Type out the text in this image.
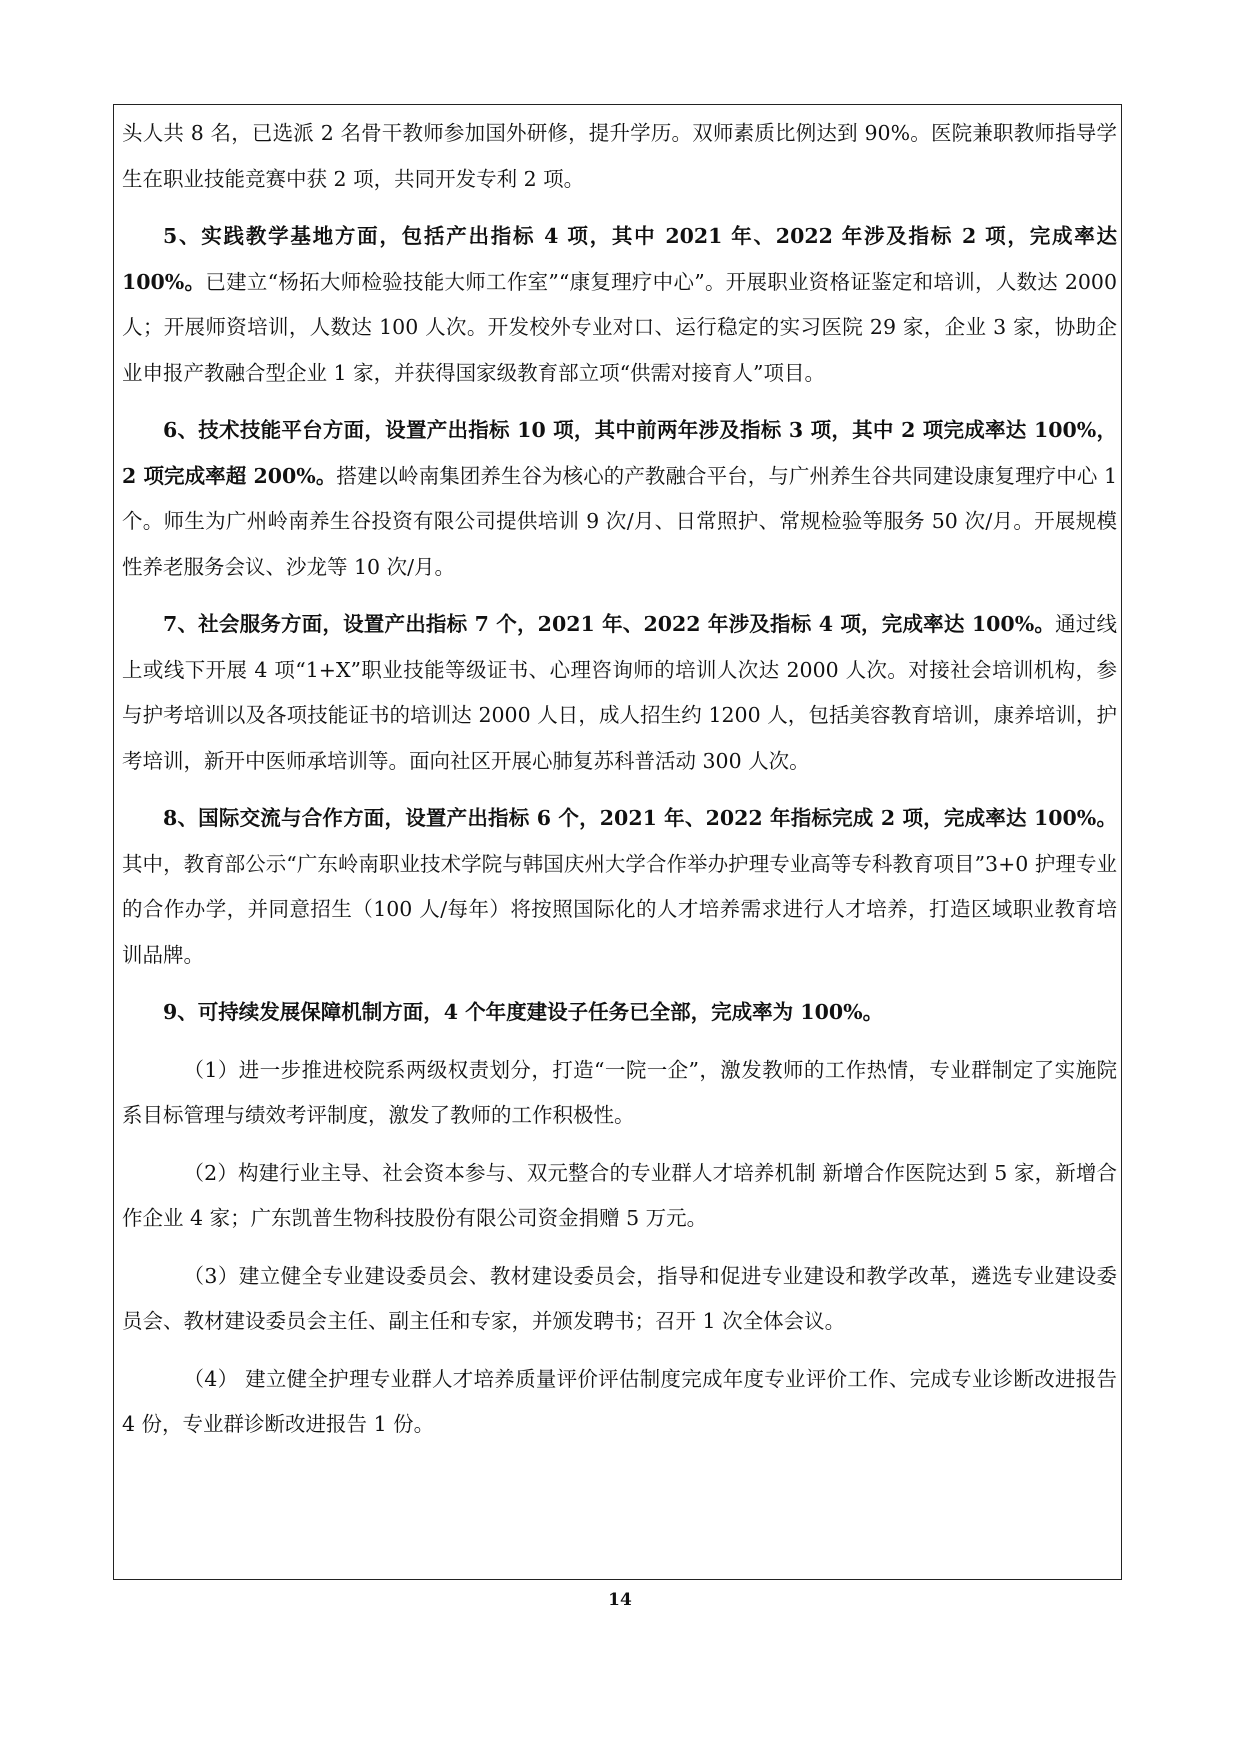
头人共 8 名，已选派 2 名骨干教师参加国外研修，提升学历。双师素质比例达到 90%。医院兼职教师指导学生在职业技能竞赛中获 2 项，共同开发专利 2 项。

5、实践教学基地方面，包括产出指标 4 项，其中 2021 年、2022 年涉及指标 2 项，完成率达 100%。已建立“杨拓大师检验技能大师工作室”“康复理疗中心”。开展职业资格证鉴定和培训，人数达 2000 人；开展师资培训，人数达 100 人次。开发校外专业对口、运行稳定的实习医院 29 家，企业 3 家，协助企业申报产教融合型企业 1 家，并获得国家级教育部立项“供需对接育人”项目。

6、技术技能平台方面，设置产出指标 10 项，其中前两年涉及指标 3 项，其中 2 项完成率达 100%，2 项完成率超 200%。搭建以岭南集团养生谷为核心的产教融合平台，与广州养生谷共同建设康复理疗中心 1 个。师生为广州岭南养生谷投资有限公司提供培训 9 次/月、日常照护、常规检验等服务 50 次/月。开展规模性养老服务会议、沙龙等 10 次/月。

7、社会服务方面，设置产出指标 7 个，2021 年、2022 年涉及指标 4 项，完成率达 100%。通过线上或线下开展 4 项“1+X”职业技能等级证书、心理咨询师的培训人次达 2000 人次。对接社会培训机构，参与护考培训以及各项技能证书的培训达 2000 人日，成人招生约 1200 人，包括美容教育培训，康养培训，护考培训，新开中医师承培训等。面向社区开展心肺复苏科普活动 300 人次。

8、国际交流与合作方面，设置产出指标 6 个，2021 年、2022 年指标完成 2 项，完成率达 100%。其中，教育部公示“广东岭南职业技术学院与韩国庆州大学合作举办护理专业高等专科教育项目”3+0 护理专业的合作办学，并同意招生（100 人/每年）将按照国际化的人才培养需求进行人才培养，打造区域职业教育培训品牌。

9、可持续发展保障机制方面，4 个年度建设子任务已全部，完成率为 100%。

（1）进一步推进校院系两级权责划分，打造“一院一企”，激发教师的工作热情，专业群制定了实施院系目标管理与绩效考评制度，激发了教师的工作积极性。

（2）构建行业主导、社会资本参与、双元整合的专业群人才培养机制 新增合作医院达到 5 家，新增合作企业 4 家；广东凯普生物科技股份有限公司资金捐赠 5 万元。

（3）建立健全专业建设委员会、教材建设委员会，指导和促进专业建设和教学改革，遴选专业建设委员会、教材建设委员会主任、副主任和专家，并颁发聘书；召开 1 次全体会议。

（4） 建立健全护理专业群人才培养质量评价评估制度完成年度专业评价工作、完成专业诊断改进报告 4 份，专业群诊断改进报告 1 份。

14
